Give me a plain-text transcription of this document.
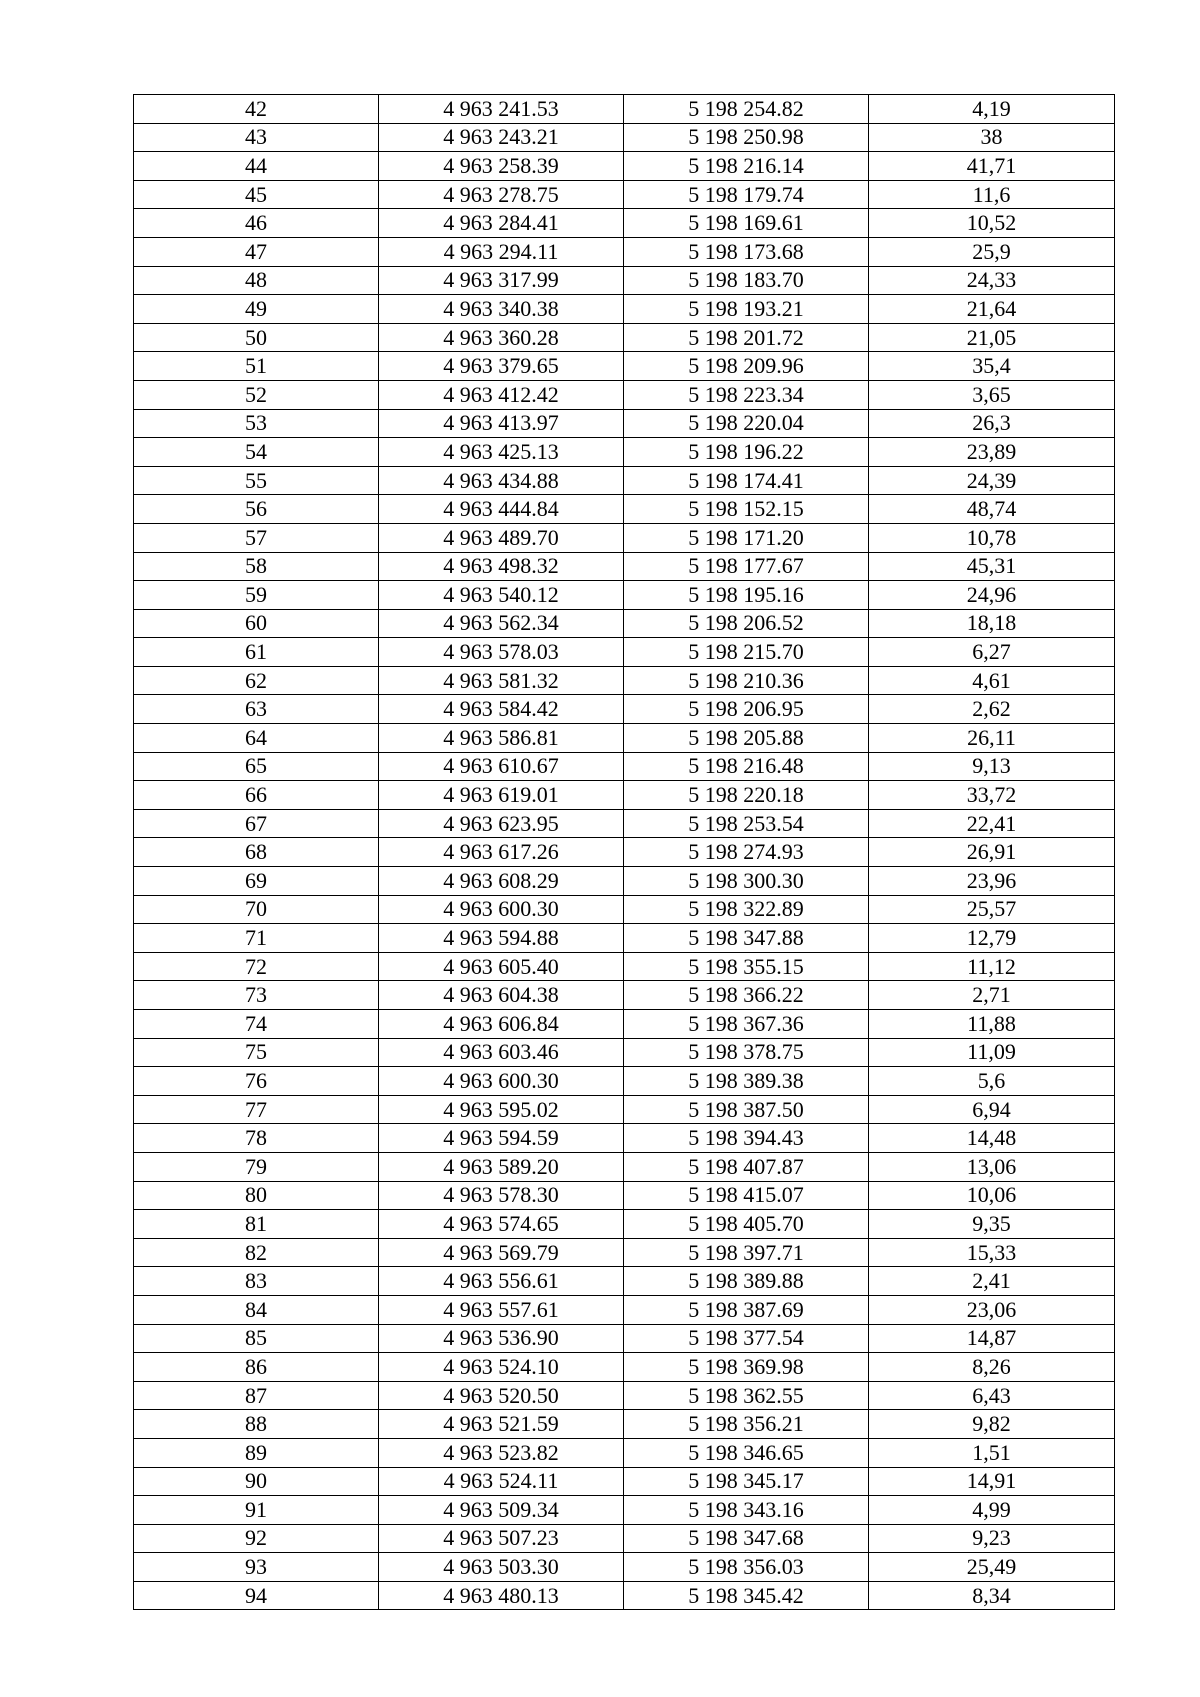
42	4 963 241.53	5 198 254.82	4,19
43	4 963 243.21	5 198 250.98	38
44	4 963 258.39	5 198 216.14	41,71
45	4 963 278.75	5 198 179.74	11,6
46	4 963 284.41	5 198 169.61	10,52
47	4 963 294.11	5 198 173.68	25,9
48	4 963 317.99	5 198 183.70	24,33
49	4 963 340.38	5 198 193.21	21,64
50	4 963 360.28	5 198 201.72	21,05
51	4 963 379.65	5 198 209.96	35,4
52	4 963 412.42	5 198 223.34	3,65
53	4 963 413.97	5 198 220.04	26,3
54	4 963 425.13	5 198 196.22	23,89
55	4 963 434.88	5 198 174.41	24,39
56	4 963 444.84	5 198 152.15	48,74
57	4 963 489.70	5 198 171.20	10,78
58	4 963 498.32	5 198 177.67	45,31
59	4 963 540.12	5 198 195.16	24,96
60	4 963 562.34	5 198 206.52	18,18
61	4 963 578.03	5 198 215.70	6,27
62	4 963 581.32	5 198 210.36	4,61
63	4 963 584.42	5 198 206.95	2,62
64	4 963 586.81	5 198 205.88	26,11
65	4 963 610.67	5 198 216.48	9,13
66	4 963 619.01	5 198 220.18	33,72
67	4 963 623.95	5 198 253.54	22,41
68	4 963 617.26	5 198 274.93	26,91
69	4 963 608.29	5 198 300.30	23,96
70	4 963 600.30	5 198 322.89	25,57
71	4 963 594.88	5 198 347.88	12,79
72	4 963 605.40	5 198 355.15	11,12
73	4 963 604.38	5 198 366.22	2,71
74	4 963 606.84	5 198 367.36	11,88
75	4 963 603.46	5 198 378.75	11,09
76	4 963 600.30	5 198 389.38	5,6
77	4 963 595.02	5 198 387.50	6,94
78	4 963 594.59	5 198 394.43	14,48
79	4 963 589.20	5 198 407.87	13,06
80	4 963 578.30	5 198 415.07	10,06
81	4 963 574.65	5 198 405.70	9,35
82	4 963 569.79	5 198 397.71	15,33
83	4 963 556.61	5 198 389.88	2,41
84	4 963 557.61	5 198 387.69	23,06
85	4 963 536.90	5 198 377.54	14,87
86	4 963 524.10	5 198 369.98	8,26
87	4 963 520.50	5 198 362.55	6,43
88	4 963 521.59	5 198 356.21	9,82
89	4 963 523.82	5 198 346.65	1,51
90	4 963 524.11	5 198 345.17	14,91
91	4 963 509.34	5 198 343.16	4,99
92	4 963 507.23	5 198 347.68	9,23
93	4 963 503.30	5 198 356.03	25,49
94	4 963 480.13	5 198 345.42	8,34
